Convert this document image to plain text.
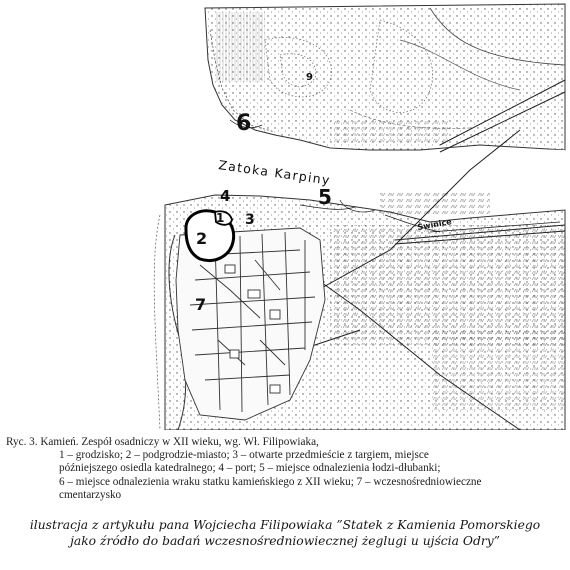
Zatoka Karpiny
Świnice
1
2
3
4	5
6
7
9
Ryc. 3. Kamień. Zespół osadniczy w XII wieku, wg. Wł. Filipowiaka,
1 – grodzisko; 2 – podgrodzie-miasto; 3 – otwarte przedmieście z targiem, miejsce
późniejszego osiedla katedralnego; 4 – port; 5 – miejsce odnalezienia łodzi-dłubanki;
6 – miejsce odnalezienia wraku statku kamieńskiego z XII wieku; 7 – wczesnośredniowieczne
cmentarzysko
ilustracja z artykułu pana Wojciecha Filipowiaka ”Statek z Kamienia Pomorskiego
jako źródło do badań wczesnośredniowiecznej żeglugi u ujścia Odry”
